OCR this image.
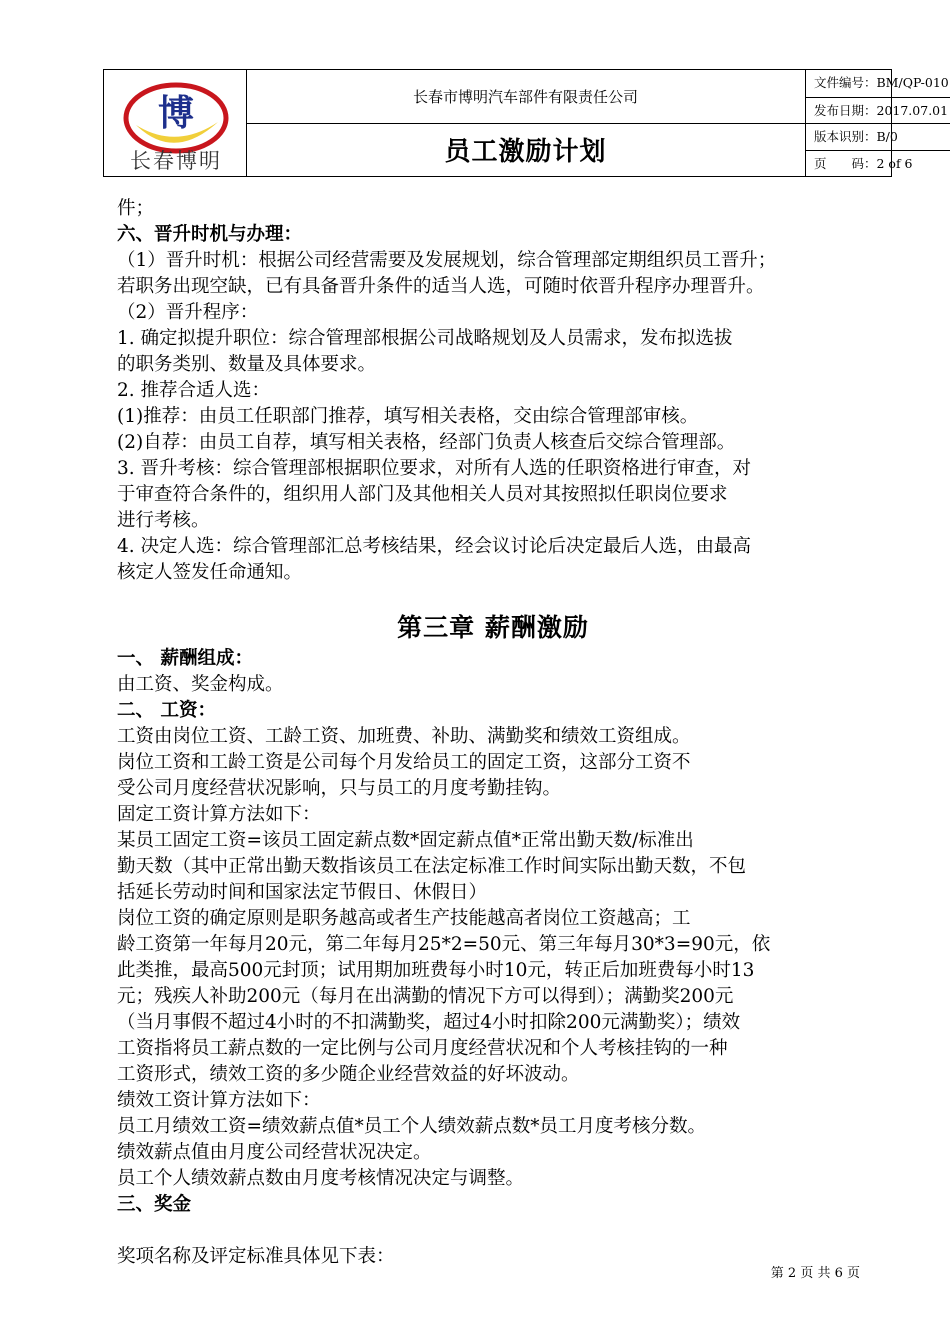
博
长春博明
长春市博明汽车部件有限责任公司
员工激励计划
文件编号：BM/QP-010
发布日期：2017.07.01
版本识别：B/0
页　　码：2 of 6
件；
六、晋升时机与办理：
（1）晋升时机：根据公司经营需要及发展规划，综合管理部定期组织员工晋升；
若职务出现空缺，已有具备晋升条件的适当人选，可随时依晋升程序办理晋升。
（2）晋升程序：
1. 确定拟提升职位：综合管理部根据公司战略规划及人员需求，发布拟选拔
的职务类别、数量及具体要求。
2. 推荐合适人选：
(1)推荐：由员工任职部门推荐，填写相关表格，交由综合管理部审核。
(2)自荐：由员工自荐，填写相关表格，经部门负责人核查后交综合管理部。
3. 晋升考核：综合管理部根据职位要求，对所有人选的任职资格进行审查，对
于审查符合条件的，组织用人部门及其他相关人员对其按照拟任职岗位要求
进行考核。
4. 决定人选：综合管理部汇总考核结果，经会议讨论后决定最后人选，由最高
核定人签发任命通知。
第三章 薪酬激励
一、 薪酬组成：
由工资、奖金构成。
二、 工资：
工资由岗位工资、工龄工资、加班费、补助、满勤奖和绩效工资组成。
岗位工资和工龄工资是公司每个月发给员工的固定工资，这部分工资不
受公司月度经营状况影响，只与员工的月度考勤挂钩。
固定工资计算方法如下：
某员工固定工资=该员工固定薪点数*固定薪点值*正常出勤天数/标准出
勤天数（其中正常出勤天数指该员工在法定标准工作时间实际出勤天数，不包
括延长劳动时间和国家法定节假日、休假日）
岗位工资的确定原则是职务越高或者生产技能越高者岗位工资越高；工
龄工资第一年每月20元，第二年每月25*2=50元、第三年每月30*3=90元，依
此类推，最高500元封顶；试用期加班费每小时10元，转正后加班费每小时13
元；残疾人补助200元（每月在出满勤的情况下方可以得到）；满勤奖200元
（当月事假不超过4小时的不扣满勤奖，超过4小时扣除200元满勤奖）；绩效
工资指将员工薪点数的一定比例与公司月度经营状况和个人考核挂钩的一种
工资形式，绩效工资的多少随企业经营效益的好坏波动。
绩效工资计算方法如下：
员工月绩效工资=绩效薪点值*员工个人绩效薪点数*员工月度考核分数。
绩效薪点值由月度公司经营状况决定。
员工个人绩效薪点数由月度考核情况决定与调整。
三、奖金
奖项名称及评定标准具体见下表：
第 2 页 共 6 页
